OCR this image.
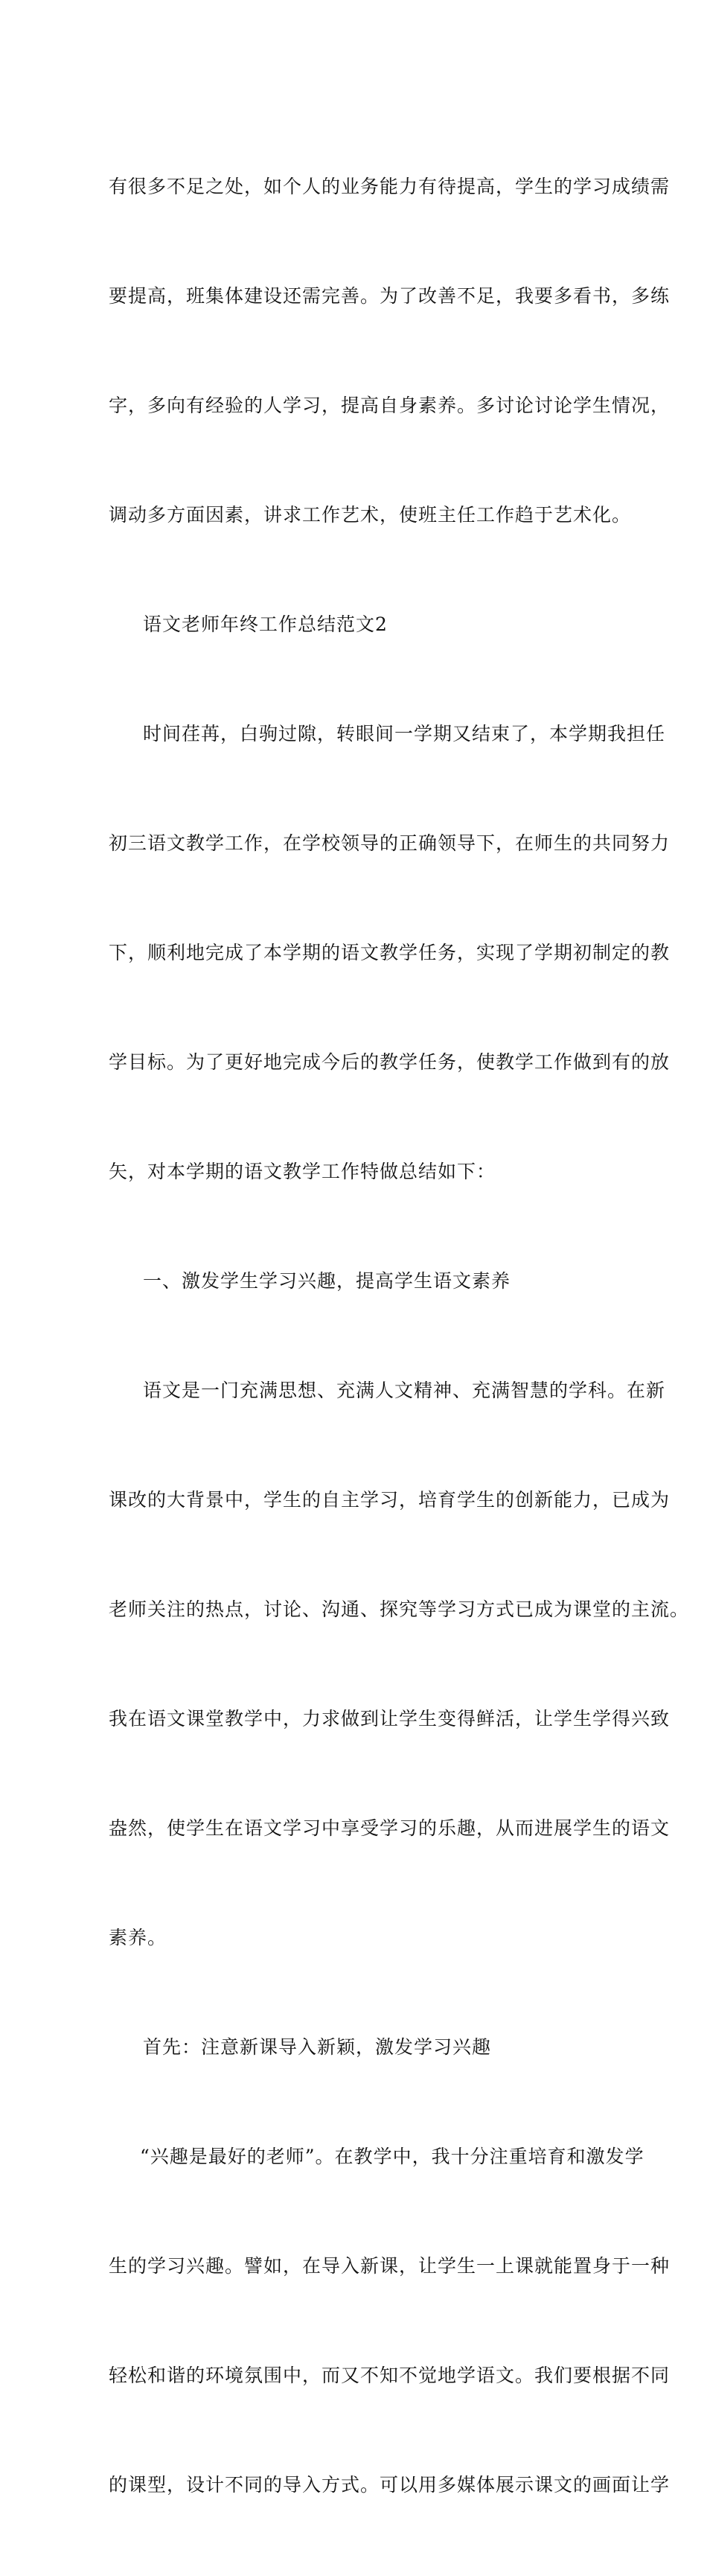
有很多不足之处，如个人的业务能力有待提高，学生的学习成绩需

要提高，班集体建设还需完善。为了改善不足，我要多看书，多练

字，多向有经验的人学习，提高自身素养。多讨论讨论学生情况，

调动多方面因素，讲求工作艺术，使班主任工作趋于艺术化。

语文老师年终工作总结范文2

时间荏苒，白驹过隙，转眼间一学期又结束了，本学期我担任

初三语文教学工作，在学校领导的正确领导下，在师生的共同努力

下，顺利地完成了本学期的语文教学任务，实现了学期初制定的教

学目标。为了更好地完成今后的教学任务，使教学工作做到有的放

矢，对本学期的语文教学工作特做总结如下：

一、激发学生学习兴趣，提高学生语文素养

语文是一门充满思想、充满人文精神、充满智慧的学科。在新

课改的大背景中，学生的自主学习，培育学生的创新能力，已成为

老师关注的热点，讨论、沟通、探究等学习方式已成为课堂的主流。

我在语文课堂教学中，力求做到让学生变得鲜活，让学生学得兴致

盎然，使学生在语文学习中享受学习的乐趣，从而进展学生的语文

素养。

首先：注意新课导入新颖，激发学习兴趣

“兴趣是最好的老师”。在教学中，我十分注重培育和激发学

生的学习兴趣。譬如，在导入新课，让学生一上课就能置身于一种

轻松和谐的环境氛围中，而又不知不觉地学语文。我们要根据不同

的课型，设计不同的导入方式。可以用多媒体展示课文的画面让学
